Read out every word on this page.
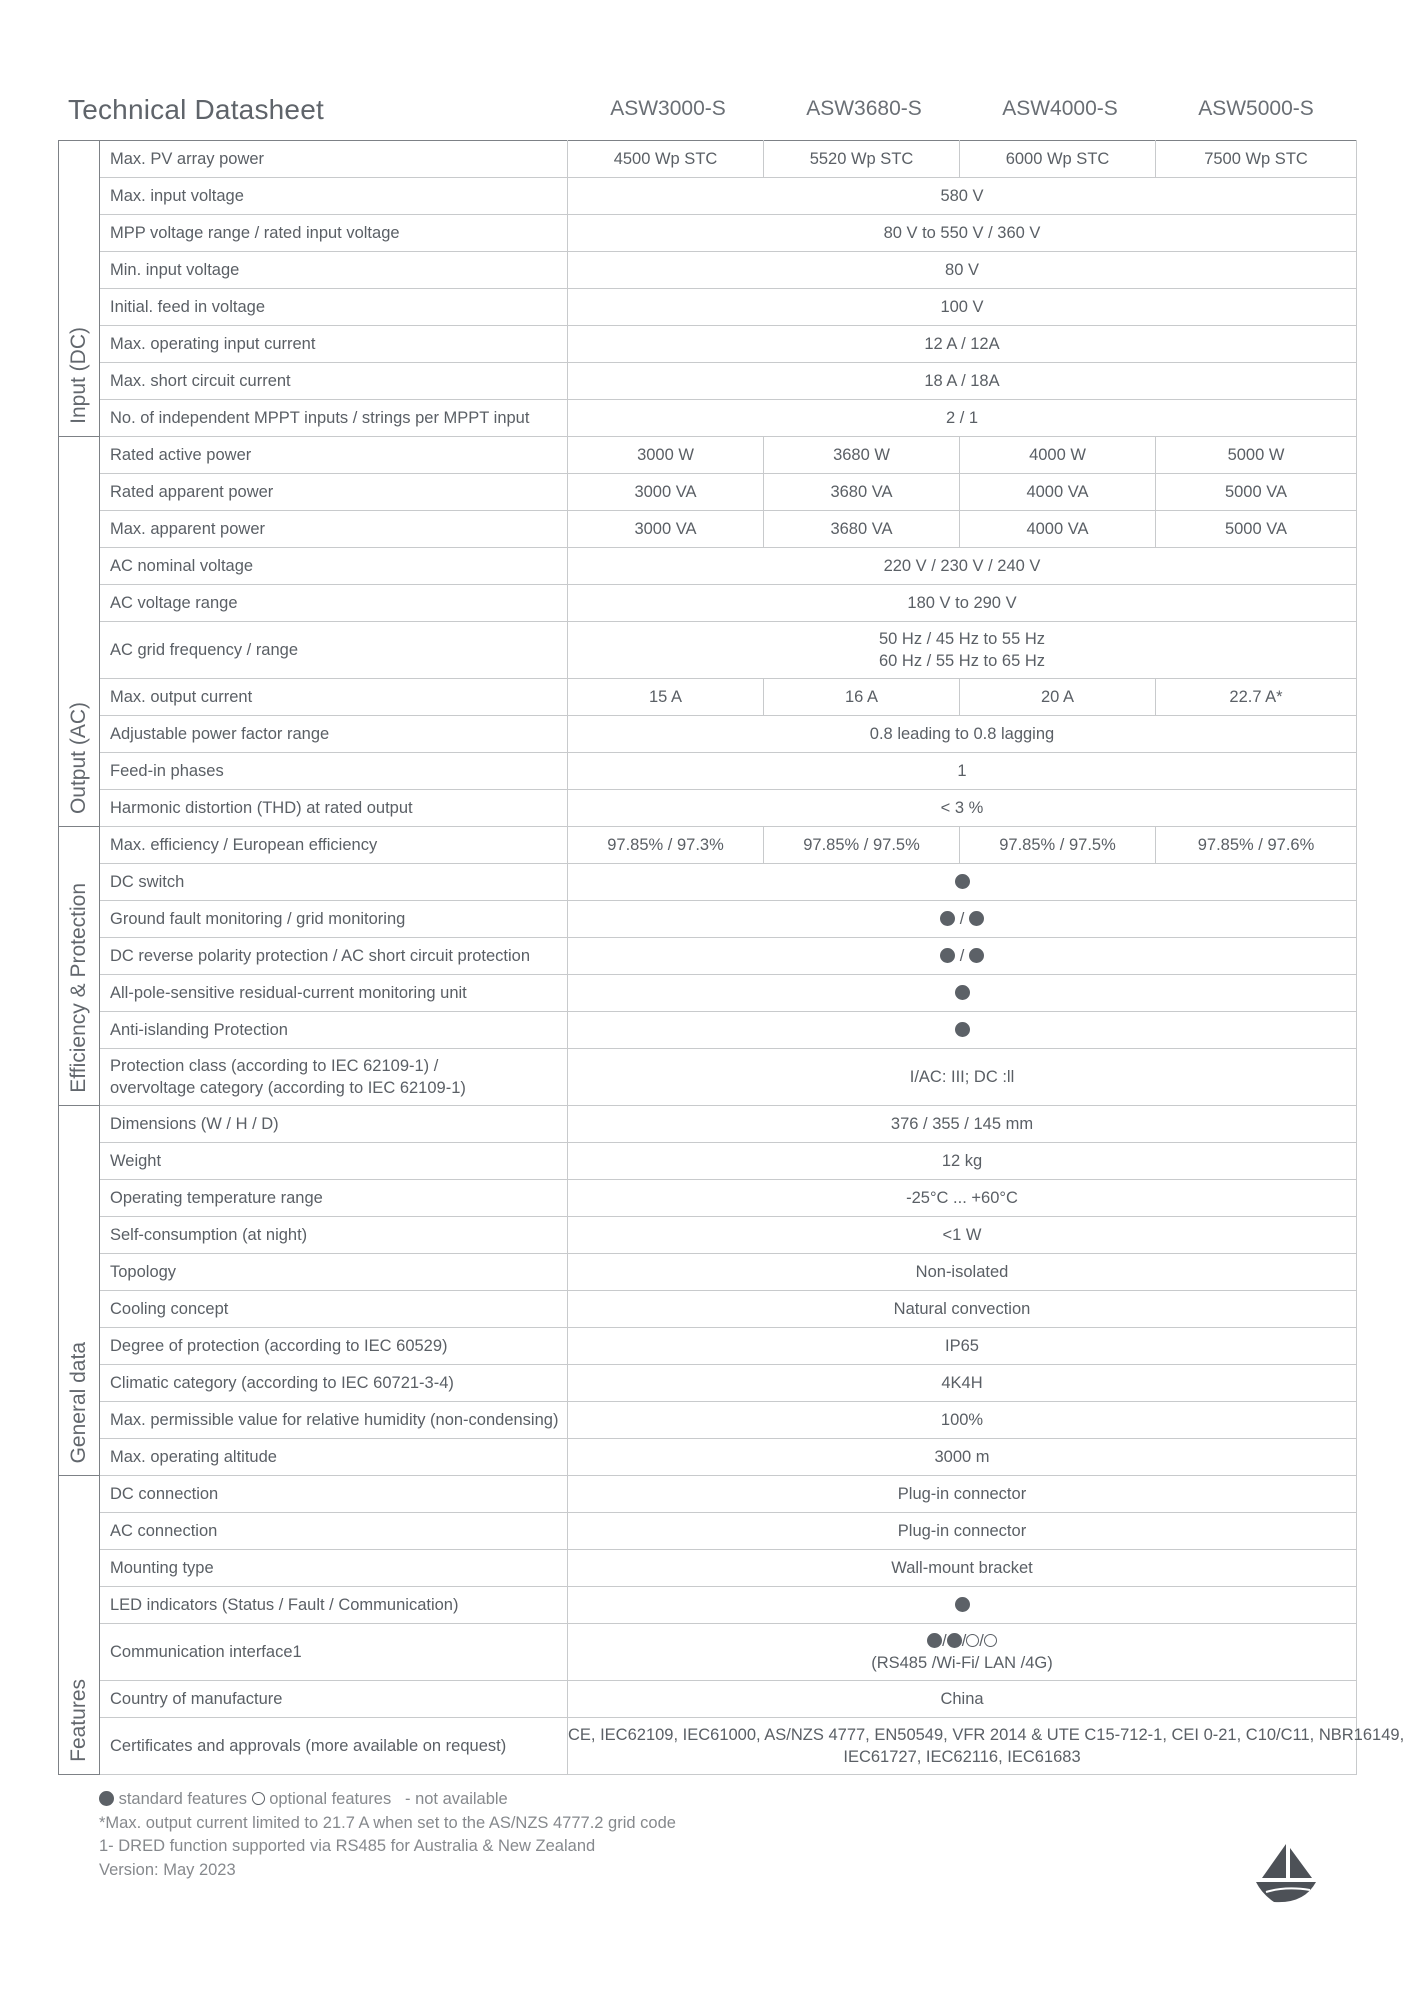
Technical Datasheet	ASW3000-S	ASW3680-S	ASW4000-S	ASW5000-S
Input (DC)	Max. PV array power	4500 Wp STC	5520 Wp STC	6000 Wp STC	7500 Wp STC
	Max. input voltage	580 V			

	MPP voltage range / rated input voltage	80 V to 550 V / 360 V			

	Min. input voltage	80 V			

	Initial. feed in voltage	100 V			

	Max. operating input current	12 A / 12A			

	Max. short circuit current	18 A / 18A			

	No. of independent MPPT inputs / strings per MPPT input	2 / 1			

Output (AC)	Rated active power	3000 W	3680 W	4000 W	5000 W
	Rated apparent power	3000 VA	3680 VA	4000 VA	5000 VA
	Max. apparent power	3000 VA	3680 VA	4000 VA	5000 VA
	AC nominal voltage	220 V / 230 V / 240 V			

	AC voltage range	180 V to 290 V			

	AC grid frequency / range	50 Hz / 45 Hz to 55 Hz
60 Hz / 55 Hz to 65 Hz			

	Max. output current	15 A	16 A	20 A	22.7 A*
	Adjustable power factor range	0.8 leading to 0.8 lagging			

	Feed-in phases	1			

	Harmonic distortion (THD) at rated output	< 3 %			

Efficiency & Protection	Max. efficiency / European efficiency	97.85% / 97.3%	97.85% / 97.5%	97.85% / 97.5%	97.85% / 97.6%
	DC switch				

	Ground fault monitoring / grid monitoring	/			

	DC reverse polarity protection / AC short circuit protection	/			

	All-pole-sensitive residual-current monitoring unit				

	Anti-islanding Protection				

	Protection class (according to IEC 62109-1) /
overvoltage category (according to IEC 62109-1)	I/AC: III; DC :ll			

General data	Dimensions (W / H / D)	376 / 355 / 145 mm			

	Weight	12 kg			

	Operating temperature range	-25°C ... +60°C			

	Self-consumption (at night)	<1 W			

	Topology	Non-isolated			

	Cooling concept	Natural convection			

	Degree of protection (according to IEC 60529)	IP65			

	Climatic category (according to IEC 60721-3-4)	4K4H			

	Max. permissible value for relative humidity (non-condensing)	100%			

	Max. operating altitude	3000 m			

Features	DC connection	Plug-in connector			

	AC connection	Plug-in connector			

	Mounting type	Wall-mount bracket			

	LED indicators (Status / Fault / Communication)				

	Communication interface1	/ / /
(RS485 /Wi-Fi/ LAN /4G)			

	Country of manufacture	China			

	Certificates and approvals (more available on request)	CE, IEC62109, IEC61000, AS/NZS 4777, EN50549, VFR 2014 & UTE C15-712-1, CEI 0-21, C10/C11, NBR16149,
IEC61727, IEC62116, IEC61683			
standard features optional features - not available
*Max. output current limited to 21.7 A when set to the AS/NZS 4777.2 grid code
1- DRED function supported via RS485 for Australia & New Zealand
Version: May 2023
